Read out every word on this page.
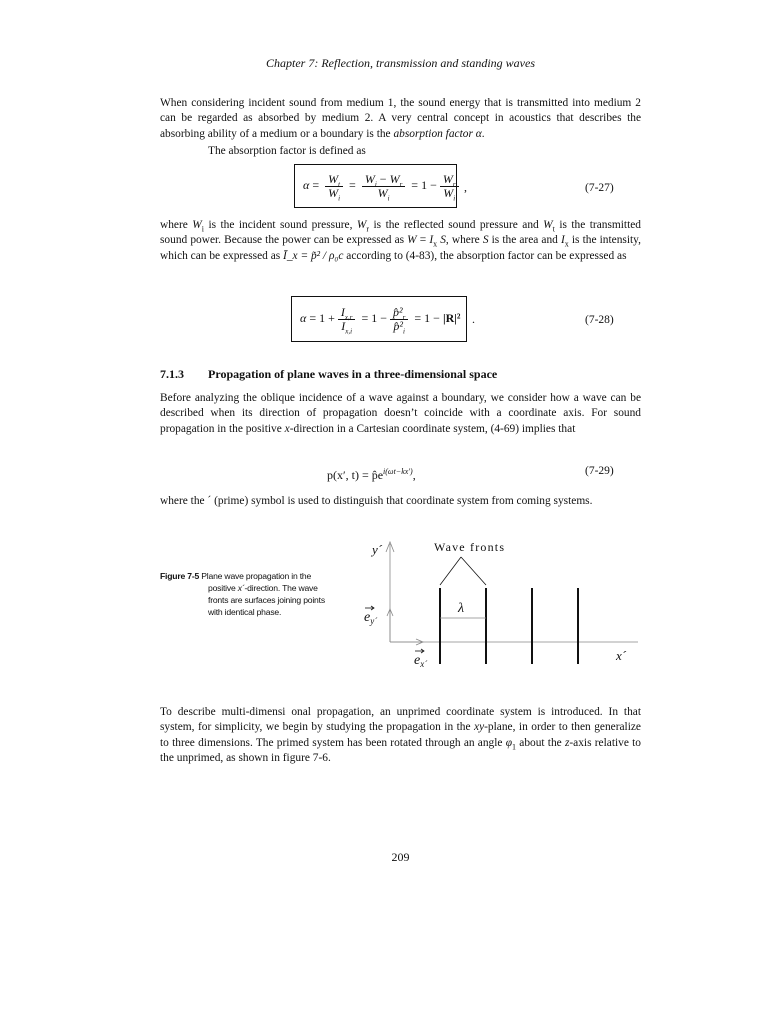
Chapter 7: Reflection, transmission and standing waves
When considering incident sound from medium 1, the sound energy that is transmitted into medium 2 can be regarded as absorbed by medium 2. A very central concept in acoustics that describes the absorbing ability of a medium or a boundary is the absorption factor α.
The absorption factor is defined as
$\alpha = \frac{W_t}{W_i} = \frac{W_i - W_r}{W_i} = 1 - \frac{W_r}{W_i}$ ,	(7-27)
where $W_i$ is the incident sound pressure, $W_r$ is the reflected sound pressure and $W_t$ is the transmitted sound power. Because the power can be expressed as $W = I_x$ S, where S is the area and $I_x$ is the intensity, which can be expressed as Ī_x = p̃² / ρ₀c according to (4-83), the absorption factor can be expressed as
$\alpha = 1 + \frac{I_{x,r}}{I_{x,i}} = 1 - \frac{p̂^2_r}{p̂^2_i} = 1$ −
|R|² .	(7-28)
7.1.3 Propagation of plane waves in a three-dimensional space
Before analyzing the oblique incidence of a wave against a boundary, we consider how a wave can be described when its direction of propagation doesn’t coincide with a coordinate axis. For sound propagation in the positive x-direction in a Cartesian coordinate system, (4-69) implies that
p(x′, $t) = p̂e^{i(\omega t-kx')}$,	(7-29)
where the ´ (prime) symbol is used to distinguish that coordinate system from coming systems.
Figure 7-5 Plane wave propagation in the
positive x´-direction. The wave fronts are surfaces joining points with identical phase.
Wave fronts
λ
y´
x´
$e_{y´}$
$e_{x´}$
To describe multi-dimensi onal propagation, an unprimed coordinate system is introduced. In that system, for simplicity, we begin by studying the propagation in the xy-plane, in order to then generalize to three dimensions. The primed system has been rotated through an angle $\varphi_1$ about the z-axis relative to the unprimed, as shown in figure 7-6.
209
